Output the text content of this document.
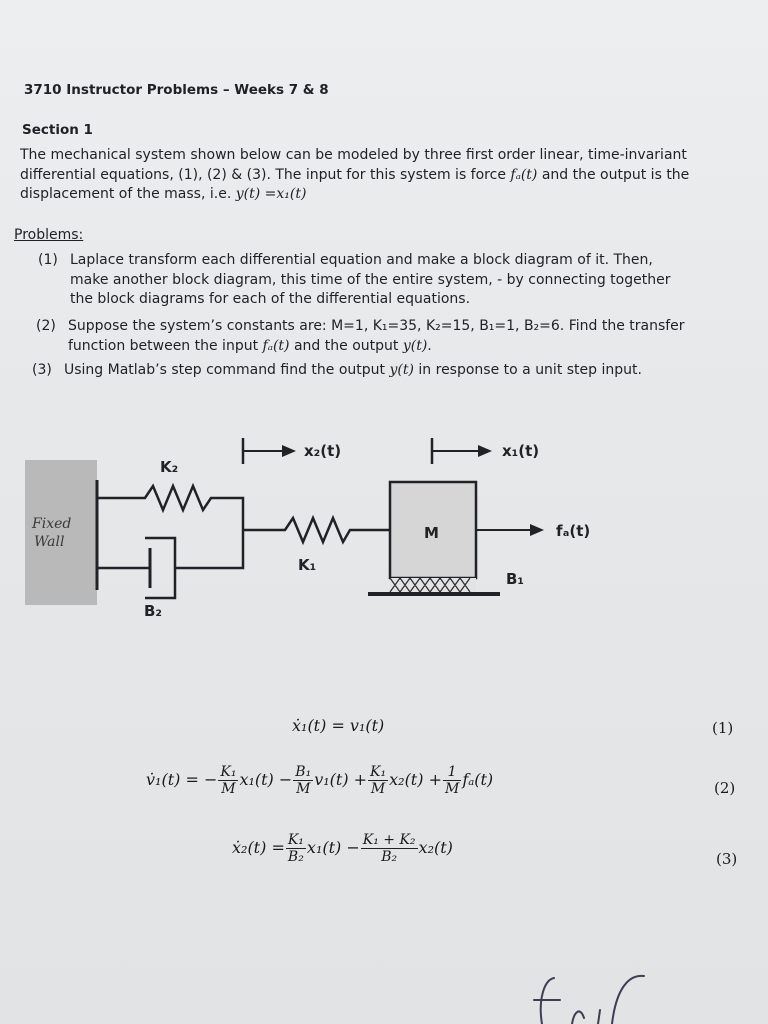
3710 Instructor Problems – Weeks 7 & 8
Section 1
The mechanical system shown below can be modeled by three first order linear, time-invariant
differential equations, (1), (2) & (3). The input for this system is force fₐ(t) and the output is the
displacement of the mass, i.e. y(t) =x₁(t)
Problems:
(1) Laplace transform each differential equation and make a block diagram of it. Then,
make another block diagram, this time of the entire system, - by connecting together
the block diagrams for each of the differential equations.
(2) Suppose the system’s constants are: M=1, K₁=35, K₂=15, B₁=1, B₂=6. Find the transfer
function between the input fₐ(t) and the output y(t).
(3) Using Matlab’s step command find the output y(t) in response to a unit step input.
Fixed
Wall
K₂
B₂
K₁
M
B₁
fₐ(t)
x₂(t)	x₁(t)
ẋ₁(t) = v₁(t)	(1)
v̇₁(t) = − $\frac{\text{K₁}}{M} x_1(t) - \frac{\text{B₁}}{M} v_1(t) + \frac{\text{K₁}}{M} x_2(t) + \frac{1}{M} f_a(t)$	(2)
ẋ₂(t) = $\frac{\text{K₁}}{\text{B₂}} x_1(t) - \frac{\text{K₁ + K₂}}{\text{B₂}} x_2(t)$
(3)
